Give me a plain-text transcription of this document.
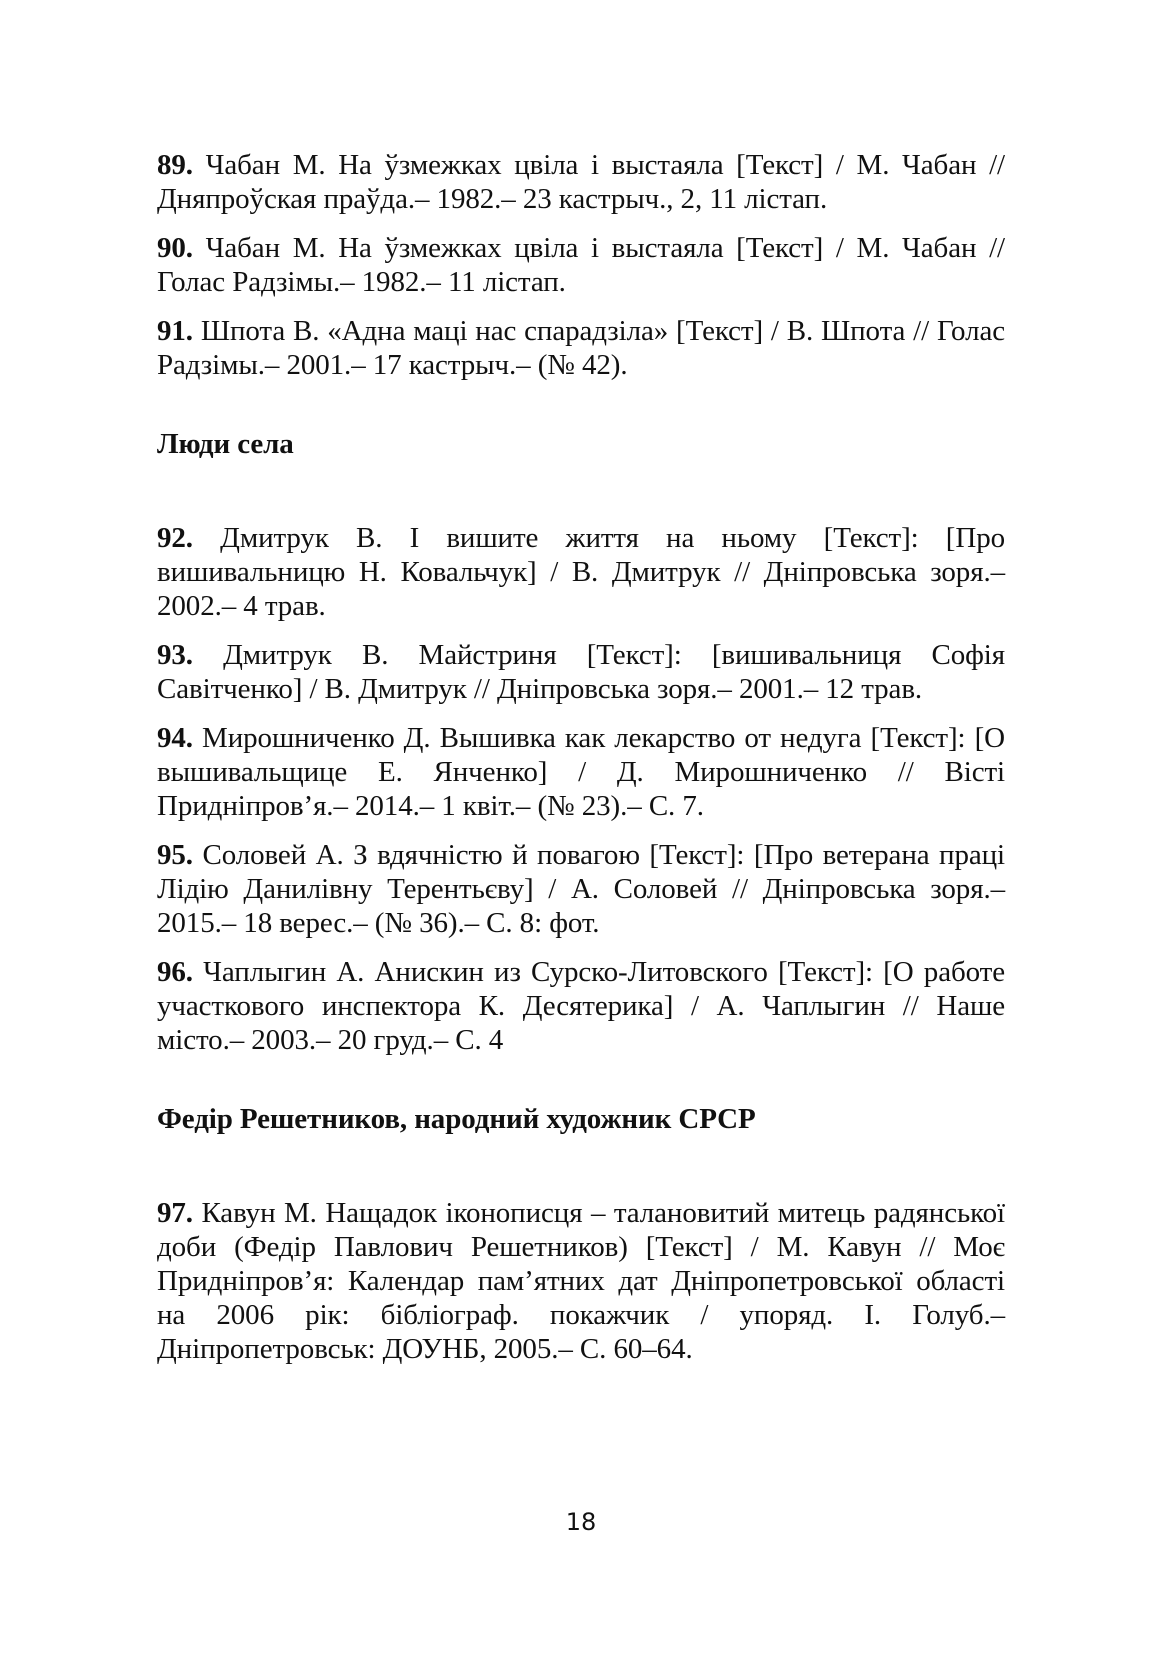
89. Чабан М. На ўзмежках цвіла і выстаяла [Текст] / М. Чабан // Дняпроўская праўда.– 1982.– 23 кастрыч., 2, 11 лістап.

90. Чабан М. На ўзмежках цвіла і выстаяла [Текст] / М. Чабан // Голас Радзімы.– 1982.– 11 лістап.

91. Шпота В. «Адна маці нас спарадзіла» [Текст] / В. Шпота // Голас Радзімы.– 2001.– 17 кастрыч.– (№ 42).

Люди села

92. Дмитрук В. І вишите життя на ньому [Текст]: [Про вишивальницю Н. Ковальчук] / В. Дмитрук // Дніпровська зоря.– 2002.– 4 трав.

93. Дмитрук В. Майстриня [Текст]: [вишивальниця Софія Савітченко] / В. Дмитрук // Дніпровська зоря.– 2001.– 12 трав.

94. Мирошниченко Д. Вышивка как лекарство от недуга [Текст]: [О вышивальщице Е. Янченко] / Д. Мирошниченко // Вісті Придніпров’я.– 2014.– 1 квіт.– (№ 23).– С. 7.

95. Соловей А. З вдячністю й повагою [Текст]: [Про ветерана праці Лідію Данилівну Терентьєву] / А. Соловей // Дніпровська зоря.– 2015.– 18 верес.– (№ 36).– С. 8: фот.

96. Чаплыгин А. Анискин из Сурско-Литовского [Текст]: [О работе участкового инспектора К. Десятерика] / А. Чаплыгин // Наше місто.– 2003.– 20 груд.– С. 4

Федір Решетников, народний художник СРСР

97. Кавун М. Нащадок іконописця – талановитий митець радянської доби (Федір Павлович Решетников) [Текст] / М. Кавун // Моє Придніпров’я: Календар пам’ятних дат Дніпропетровської області на 2006 рік: бібліограф. покажчик / упоряд. І. Голуб.– Дніпропетровськ: ДОУНБ, 2005.– С. 60–64.

18
